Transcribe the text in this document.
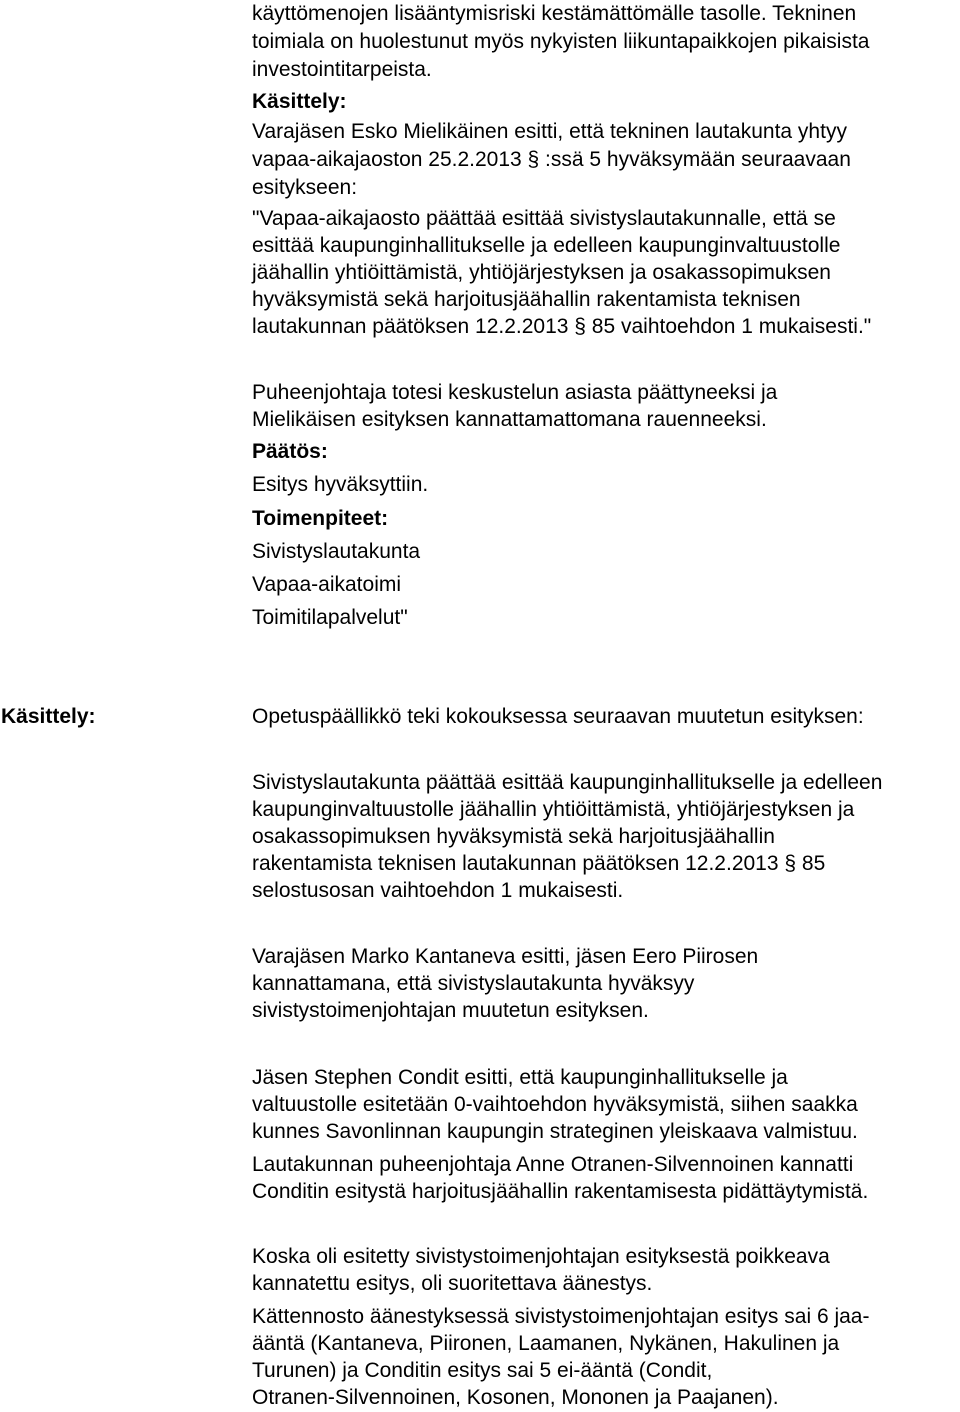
käyttömenojen lisääntymisriski kestämättömälle tasolle. Tekninen
toimiala on huolestunut myös nykyisten liikuntapaikkojen pikaisista
investointitarpeista.
Käsittely:
Varajäsen Esko Mielikäinen esitti, että tekninen lautakunta yhtyy
vapaa-aikajaoston 25.2.2013 § :ssä 5 hyväksymään seuraavaan
esitykseen:
"Vapaa-aikajaosto päättää esittää sivistyslautakunnalle, että se
esittää kaupunginhallitukselle ja edelleen kaupunginvaltuustolle
jäähallin yhtiöittämistä, yhtiöjärjestyksen ja osakassopimuksen
hyväksymistä sekä harjoitusjäähallin rakentamista teknisen
lautakunnan päätöksen 12.2.2013 § 85 vaihtoehdon 1 mukaisesti."
Puheenjohtaja totesi keskustelun asiasta päättyneeksi ja
Mielikäisen esityksen kannattamattomana rauenneeksi.
Päätös:
Esitys hyväksyttiin.
Toimenpiteet:
Sivistyslautakunta
Vapaa-aikatoimi
Toimitilapalvelut"
Käsittely:	Opetuspäällikkö teki kokouksessa seuraavan muutetun esityksen:
Sivistyslautakunta päättää esittää kaupunginhallitukselle ja edelleen
kaupunginvaltuustolle jäähallin yhtiöittämistä, yhtiöjärjestyksen ja
osakassopimuksen hyväksymistä sekä harjoitusjäähallin
rakentamista teknisen lautakunnan päätöksen 12.2.2013 § 85
selostusosan vaihtoehdon 1 mukaisesti.
Varajäsen Marko Kantaneva esitti, jäsen Eero Piirosen
kannattamana, että sivistyslautakunta hyväksyy
sivistystoimenjohtajan muutetun esityksen.
Jäsen Stephen Condit esitti, että kaupunginhallitukselle ja
valtuustolle esitetään 0-vaihtoehdon hyväksymistä, siihen saakka
kunnes Savonlinnan kaupungin strateginen yleiskaava valmistuu.
Lautakunnan puheenjohtaja Anne Otranen-Silvennoinen kannatti
Conditin esitystä harjoitusjäähallin rakentamisesta pidättäytymistä.
Koska oli esitetty sivistystoimenjohtajan esityksestä poikkeava
kannatettu esitys, oli suoritettava äänestys.
Kättennosto äänestyksessä sivistystoimenjohtajan esitys sai 6 jaa-
ääntä (Kantaneva, Piironen, Laamanen, Nykänen, Hakulinen ja
Turunen) ja Conditin esitys sai 5 ei-ääntä (Condit,
Otranen-Silvennoinen, Kosonen, Mononen ja Paajanen).
